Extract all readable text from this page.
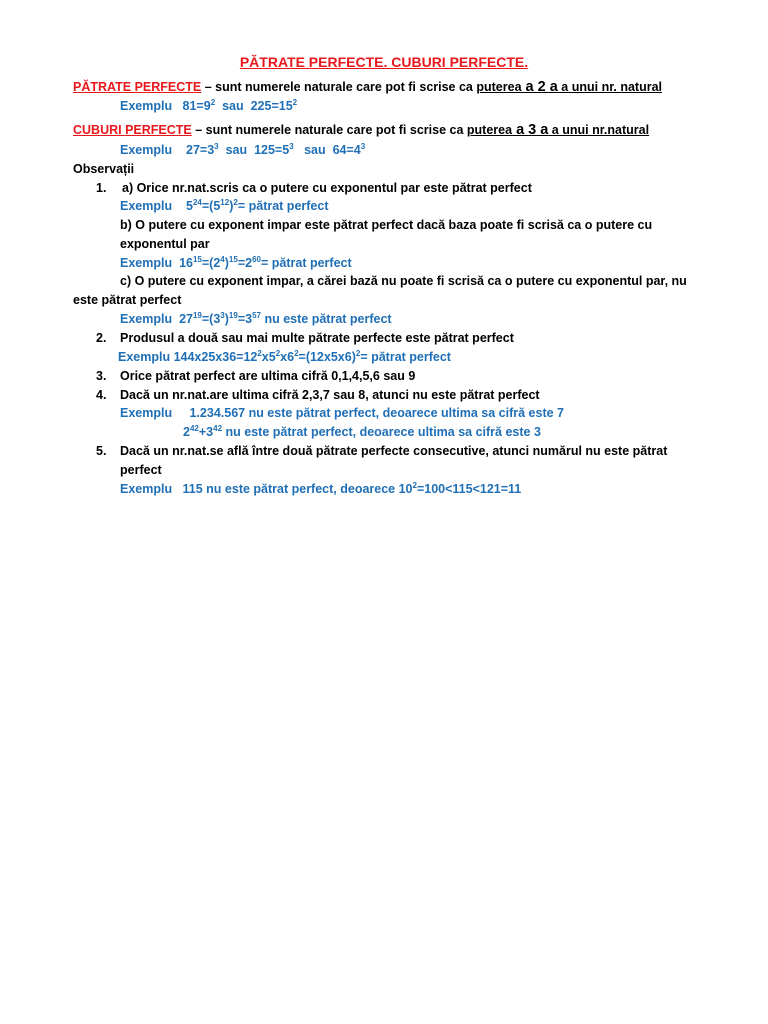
PĂTRATE PERFECTE. CUBURI PERFECTE.
PĂTRATE PERFECTE – sunt numerele naturale care pot fi scrise ca puterea a 2 a a unui nr. natural
Exemplu $81=9^2$ sau $225=15^2$
CUBURI PERFECTE – sunt numerele naturale care pot fi scrise ca puterea a 3 a a unui nr.natural
Exemplu $27=3^3$ sau $125=5^3$ sau $64=4^3$
Observații
1. a) Orice nr.nat.scris ca o putere cu exponentul par este pătrat perfect
Exemplu $5^{24}=(5^{12})^2=$ pătrat perfect
b) O putere cu exponent impar este pătrat perfect dacă baza poate fi scrisă ca o putere cu
exponentul par
Exemplu $16^{15}=(2^4)^{15}=2^{60}=$ pătrat perfect
c) O putere cu exponent impar, a cărei bază nu poate fi scrisă ca o putere cu exponentul par, nu
este pătrat perfect
Exemplu $27^{19}=(3^3)^{19}=3^{57}$ nu este pătrat perfect
2. Produsul a două sau mai multe pătrate perfecte este pătrat perfect
Exemplu $144x25x36=12^2x5^2x6^2=(12x5x6)^2=$ pătrat perfect
3. Orice pătrat perfect are ultima cifră 0,1,4,5,6 sau 9
4. Dacă un nr.nat.are ultima cifră 2,3,7 sau 8, atunci nu este pătrat perfect
Exemplu 1.234.567 nu este pătrat perfect, deoarece ultima sa cifră este 7
$2^{42}+3^{42}$ nu este pătrat perfect, deoarece ultima sa cifră este 3
5. Dacă un nr.nat.se află între două pătrate perfecte consecutive, atunci numărul nu este pătrat
perfect
Exemplu 115 nu este pătrat perfect, deoarece $10^2=100<115<121=11$
